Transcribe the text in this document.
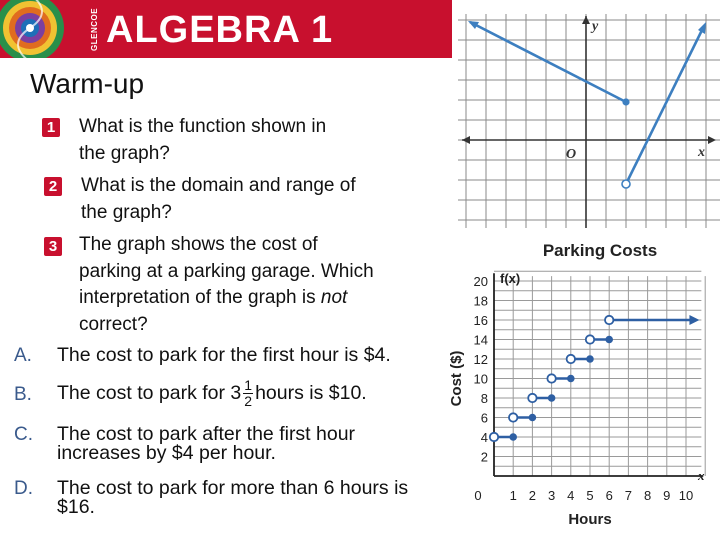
GLENCOE ALGEBRA 1
Warm-up
1 What is the function shown in
the graph?
2 What is the domain and range of
the graph?
3 The graph shows the cost of
parking at a parking garage. Which
interpretation of the graph is not
correct?
A. The cost to park for the first hour is $4.
B. The cost to park for $3 \frac{1}{2}$ hours is $10.
C. The cost to park after the first hour
increases by $4 per hour.
D. The cost to park for more than 6 hours is
$16.
x
y
O
Parking Costs
0 1 2 3 4 5 6 7 8 9 10
2
4
6
8
10
12
14
16
18
20
x
f(x)
Hours
Cost ($)
